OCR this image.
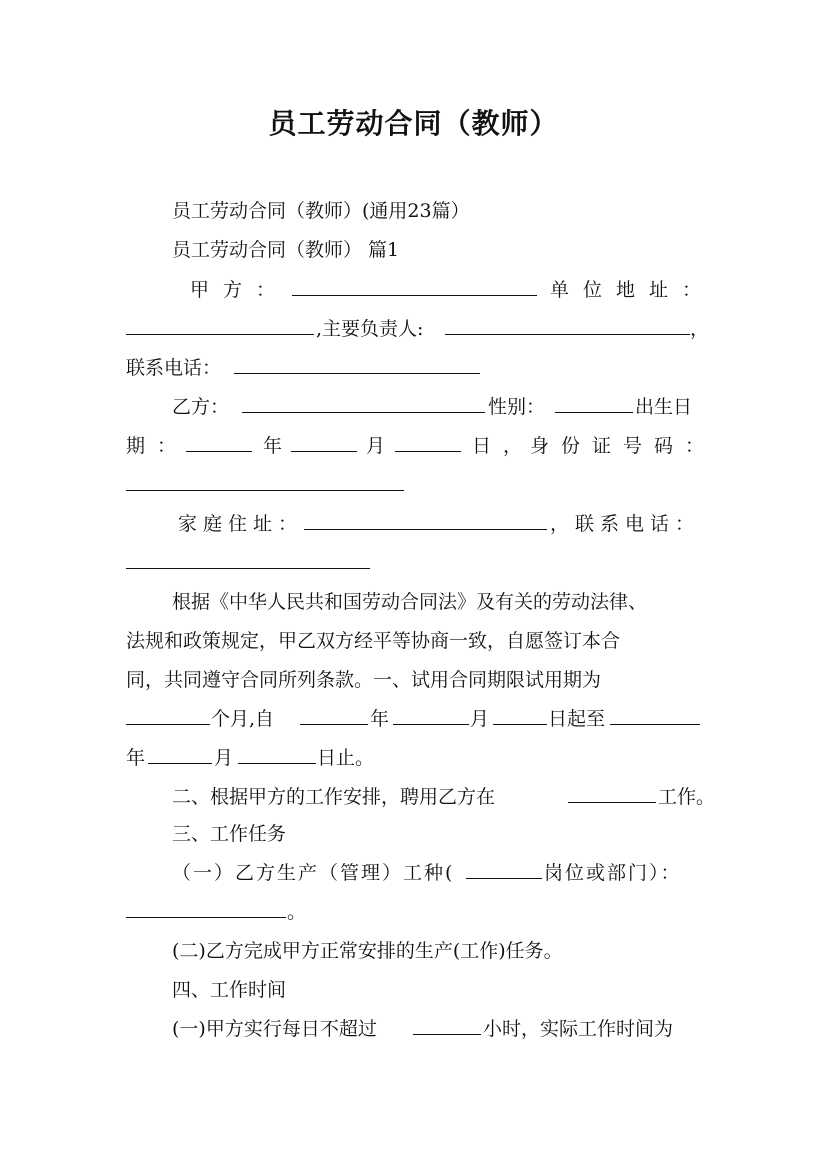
员工劳动合同（教师）
员工劳动合同（教师）(通用23篇）
员工劳动合同（教师） 篇1
甲方：	单位地址：
,主要负责人:	，
联系电话：
乙方：	性别：	出生日
期：	年	月	日，
身份证号码：
家庭住址：	，联系电话：
根据《中华人民共和国劳动合同法》及有关的劳动法律、
法规和政策规定，甲乙双方经平等协商一致，自愿签订本合
同，共同遵守合同所列条款。一、试用合同期限试用期为
个月,自	年	月	日起至
年	月	日止。
二、根据甲方的工作安排，聘用乙方在	工作。
三、工作任务
（一）乙方生产（管理）工种(	岗位或部门）：
。
(二)乙方完成甲方正常安排的生产(工作)任务。
四、工作时间
(一)甲方实行每日不超过	小时，实际工作时间为
